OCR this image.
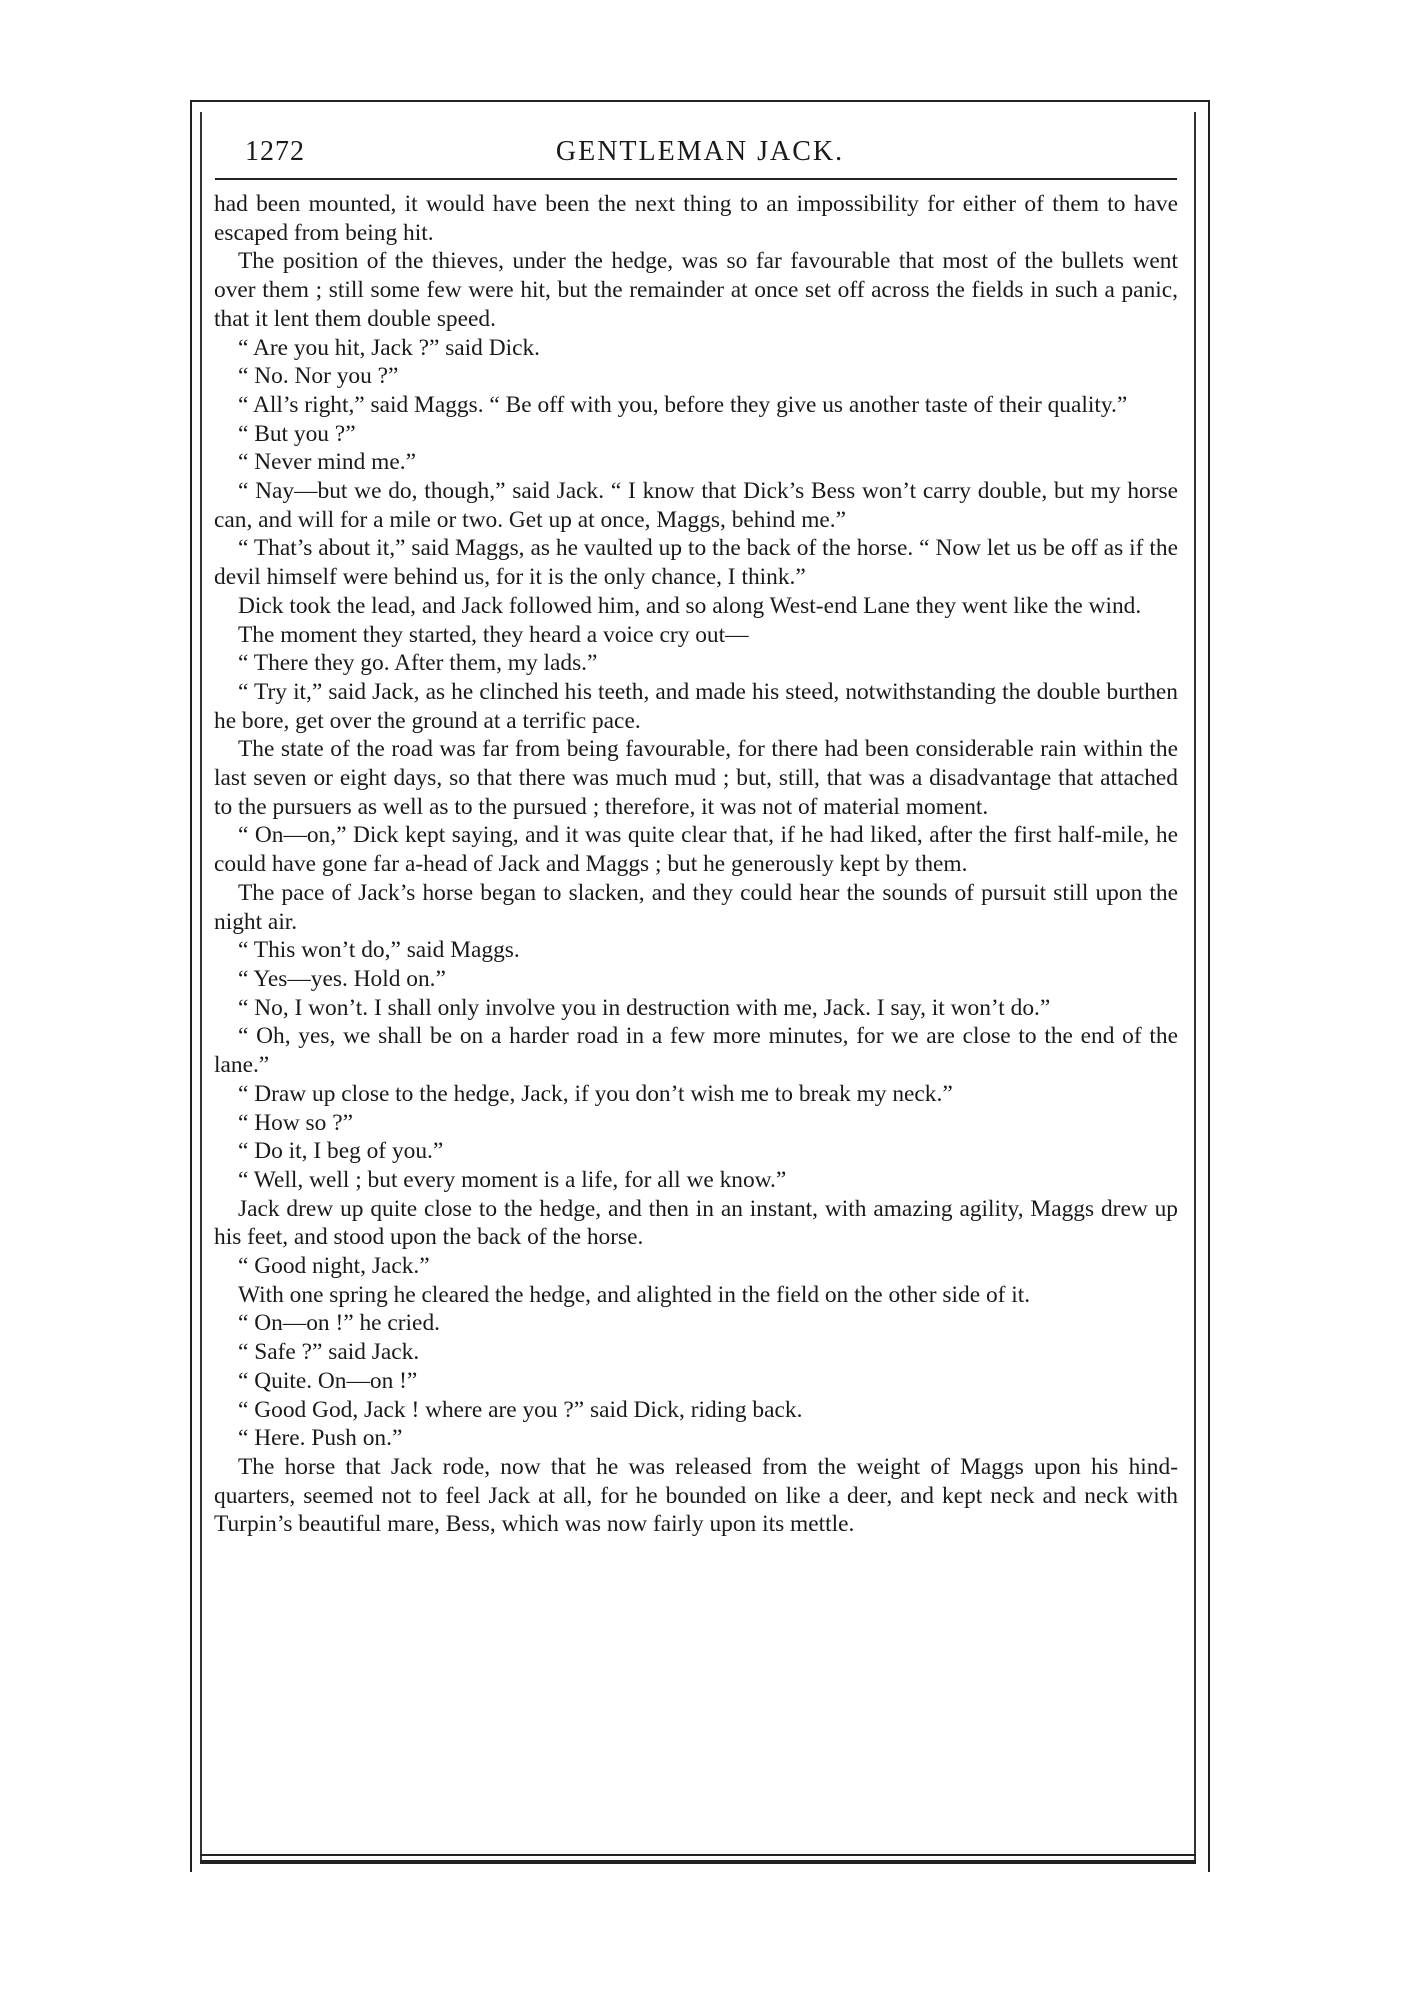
1272	GENTLEMAN JACK.

had been mounted, it would have been the next thing to an impossibility for either of them to have escaped from being hit.

The position of the thieves, under the hedge, was so far favourable that most of the bullets went over them ; still some few were hit, but the remainder at once set off across the fields in such a panic, that it lent them double speed.

“ Are you hit, Jack ?” said Dick.

“ No. Nor you ?”

“ All’s right,” said Maggs. “ Be off with you, before they give us another taste of their quality.”

“ But you ?”

“ Never mind me.”

“ Nay—but we do, though,” said Jack. “ I know that Dick’s Bess won’t carry double, but my horse can, and will for a mile or two. Get up at once, Maggs, behind me.”

“ That’s about it,” said Maggs, as he vaulted up to the back of the horse. “ Now let us be off as if the devil himself were behind us, for it is the only chance, I think.”

Dick took the lead, and Jack followed him, and so along West-end Lane they went like the wind.

The moment they started, they heard a voice cry out—

“ There they go. After them, my lads.”

“ Try it,” said Jack, as he clinched his teeth, and made his steed, notwithstanding the double burthen he bore, get over the ground at a terrific pace.

The state of the road was far from being favourable, for there had been considerable rain within the last seven or eight days, so that there was much mud ; but, still, that was a disadvantage that attached to the pursuers as well as to the pursued ; therefore, it was not of material moment.

“ On—on,” Dick kept saying, and it was quite clear that, if he had liked, after the first half-mile, he could have gone far a-head of Jack and Maggs ; but he generously kept by them.

The pace of Jack’s horse began to slacken, and they could hear the sounds of pursuit still upon the night air.

“ This won’t do,” said Maggs.

“ Yes—yes. Hold on.”

“ No, I won’t. I shall only involve you in destruction with me, Jack. I say, it won’t do.”

“ Oh, yes, we shall be on a harder road in a few more minutes, for we are close to the end of the lane.”

“ Draw up close to the hedge, Jack, if you don’t wish me to break my neck.”

“ How so ?”

“ Do it, I beg of you.”

“ Well, well ; but every moment is a life, for all we know.”

Jack drew up quite close to the hedge, and then in an instant, with amazing agility, Maggs drew up his feet, and stood upon the back of the horse.

“ Good night, Jack.”

With one spring he cleared the hedge, and alighted in the field on the other side of it.

“ On—on !” he cried.

“ Safe ?” said Jack.

“ Quite. On—on !”

“ Good God, Jack ! where are you ?” said Dick, riding back.

“ Here. Push on.”

The horse that Jack rode, now that he was released from the weight of Maggs upon his hind-quarters, seemed not to feel Jack at all, for he bounded on like a deer, and kept neck and neck with Turpin’s beautiful mare, Bess, which was now fairly upon its mettle.
